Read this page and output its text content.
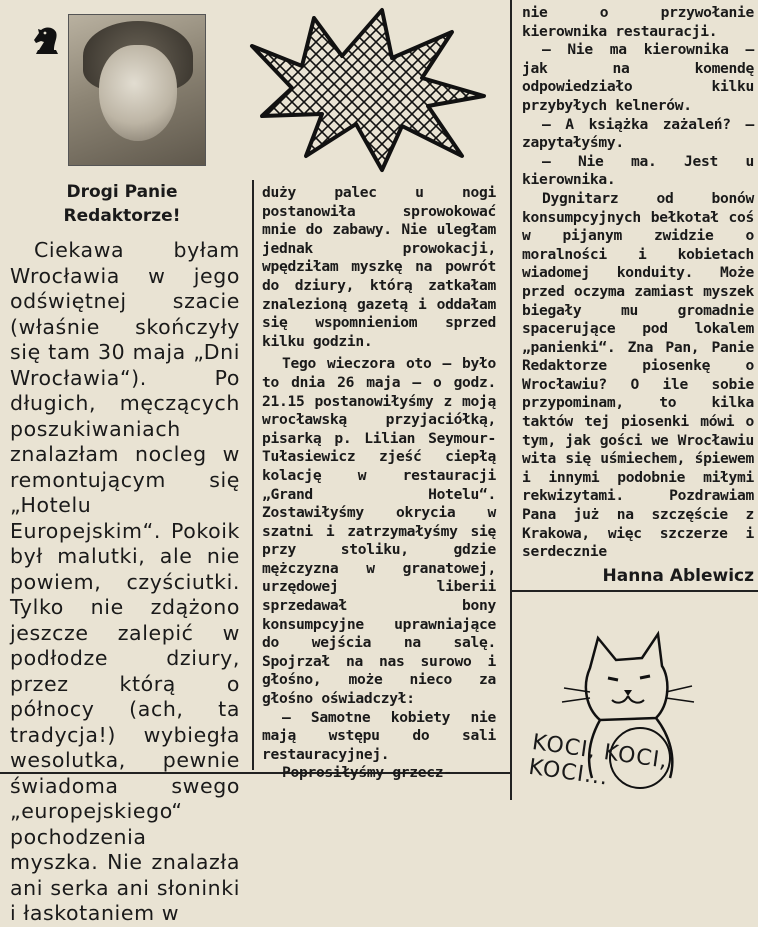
Drogi Panie
Redaktorze!

Ciekawa byłam Wrocławia w jego odświętnej szacie (właśnie skończyły się tam 30 maja „Dni Wrocławia“). Po długich, męczących poszukiwaniach znalazłam nocleg w remontującym się „Hotelu Europejskim“. Pokoik był malutki, ale nie powiem, czyściutki. Tylko nie zdążono jeszcze zalepić w podłodze dziury, przez którą o północy (ach, ta tradycja!) wybiegła wesolutka, pewnie świadoma swego „europejskiego“ pochodzenia myszka. Nie znalazła ani serka ani słoninki i łaskotaniem w

duży palec u nogi postanowiła sprowokować mnie do zabawy. Nie uległam jednak prowokacji, wpędziłam myszkę na powrót do dziury, którą zatkałam znalezioną gazetą i oddałam się wspomnieniom sprzed kilku godzin.

Tego wieczora oto — było to dnia 26 maja — o godz. 21.15 postanowiłyśmy z moją wrocławską przyjaciółką, pisarką p. Lilian Seymour-Tułasiewicz zjeść ciepłą kolację w restauracji „Grand Hotelu“. Zostawiłyśmy okrycia w szatni i zatrzymałyśmy się przy stoliku, gdzie mężczyzna w granatowej, urzędowej liberii sprzedawał bony konsumpcyjne uprawniające do wejścia na salę. Spojrzał na nas surowo i głośno, może nieco za głośno oświadczył:

— Samotne kobiety nie mają wstępu do sali restauracyjnej.

Poprosiłyśmy grzecz-

nie o przywołanie kierownika restauracji.

— Nie ma kierownika — jak na komendę odpowiedziało kilku przybyłych kelnerów.

— A książka zażaleń? — zapytałyśmy.

— Nie ma. Jest u kierownika.

Dygnitarz od bonów konsumpcyjnych bełkotał coś w pijanym zwidzie o moralności i kobietach wiadomej konduity. Może przed oczyma zamiast myszek biegały mu gromadnie spacerujące pod lokalem „panienki“. Zna Pan, Panie Redaktorze piosenkę o Wrocławiu? O ile sobie przypominam, to kilka taktów tej piosenki mówi o tym, jak gości we Wrocławiu wita się uśmiechem, śpiewem i innymi podobnie miłymi rekwizytami. Pozdrawiam Pana już na szczęście z Krakowa, więc szczerze i serdecznie

Hanna Ablewicz
KOCI, KOCI, KOCI...
